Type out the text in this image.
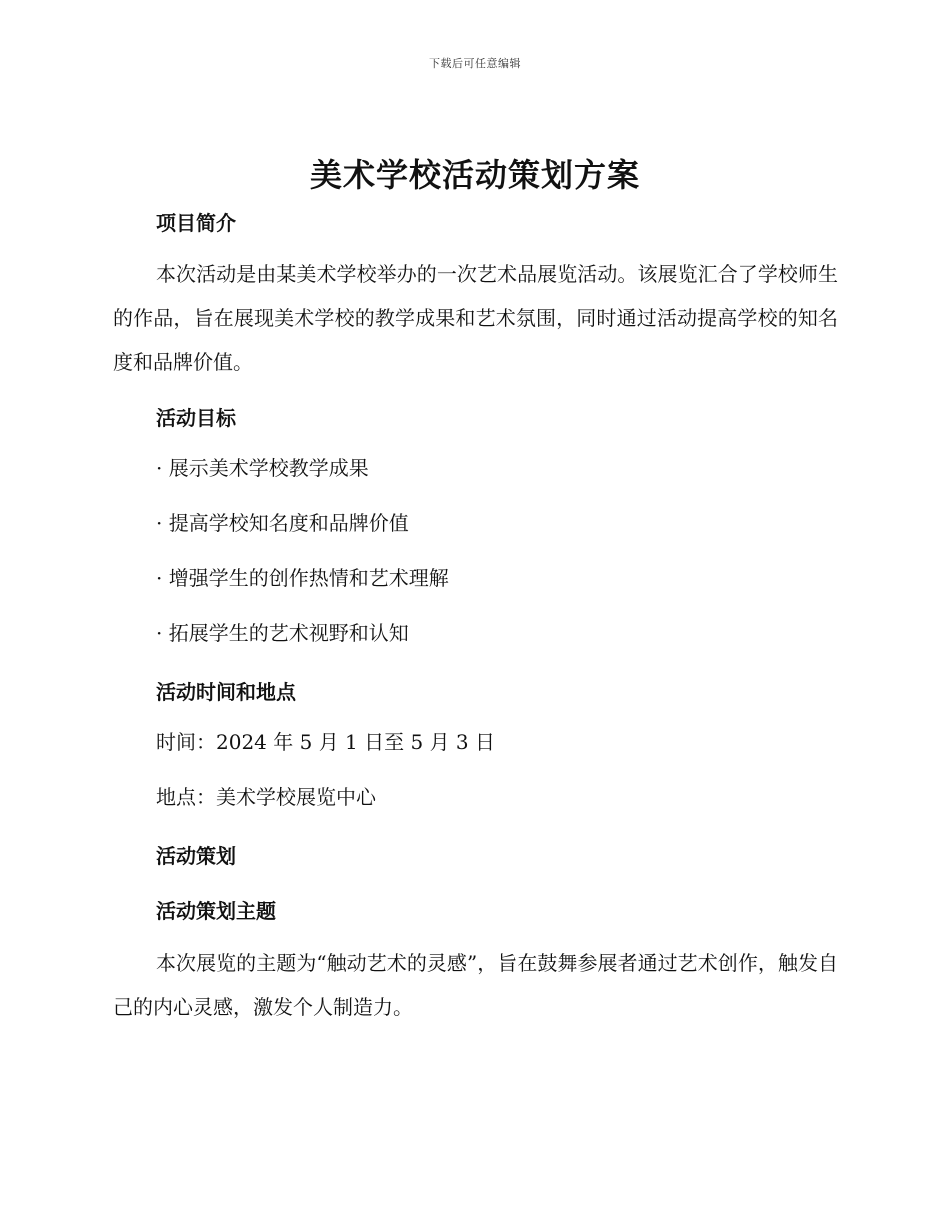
下载后可任意编辑
美术学校活动策划方案
项目简介

本次活动是由某美术学校举办的一次艺术品展览活动。该展览汇合了学校师生的作品，旨在展现美术学校的教学成果和艺术氛围，同时通过活动提高学校的知名度和品牌价值。

活动目标
· 展示美术学校教学成果
· 提高学校知名度和品牌价值
· 增强学生的创作热情和艺术理解
· 拓展学生的艺术视野和认知
活动时间和地点
时间：2024 年 5 月 1 日至 5 月 3 日
地点：美术学校展览中心
活动策划
活动策划主题

本次展览的主题为“触动艺术的灵感”，旨在鼓舞参展者通过艺术创作，触发自己的内心灵感，激发个人制造力。
